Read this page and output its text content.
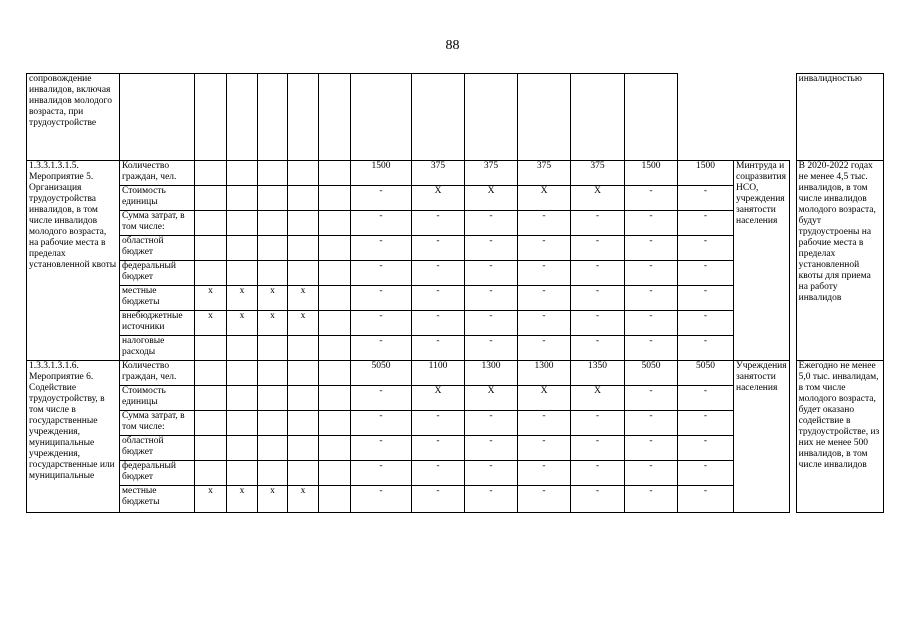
88
сопровождение инвалидов, включая инвалидов молодого возраста, при трудоустройстве																инвалидностью
1.3.3.1.3.1.5. Мероприятие 5. Организация трудоустройства инвалидов, в том числе инвалидов молодого возраста, на рабочие места в пределах установленной квоты	Количество граждан, чел.						1500	375	375	375	375	1500	1500	Минтруда и соцразвития НСО, учреждения занятости населения		В 2020-2022 годах не менее 4,5 тыс. инвалидов, в том числе инвалидов молодого возраста, будут трудоустроены на рабочие места в пределах установленной квоты для приема на работу инвалидов
	Стоимость единицы						-	Х	Х	Х	Х	-	-			
	Сумма затрат, в том числе:						-	-	-	-	-	-	-			
	областной бюджет						-	-	-	-	-	-	-			
	федеральный бюджет						-	-	-	-	-	-	-			
	местные бюджеты	х	х	х	х		-	-	-	-	-	-	-			
	внебюджетные источники	х	х	х	х		-	-	-	-	-	-	-			
	налоговые расходы						-	-	-	-	-	-	-			
1.3.3.1.3.1.6. Мероприятие 6. Содействие трудоустройству, в том числе в государственные учреждения, муниципальные учреждения, государственные или муниципальные	Количество граждан, чел.						5050	1100	1300	1300	1350	5050	5050	Учреждения занятости населения		Ежегодно не менее 5,0 тыс. инвалидам, в том числе молодого возраста, будет оказано содействие в трудоустройстве, из них не менее 500 инвалидов, в том числе инвалидов
	Стоимость единицы						-	Х	Х	Х	Х	-	-			
	Сумма затрат, в том числе:						-	-	-	-	-	-	-			
	областной бюджет						-	-	-	-	-	-	-			
	федеральный бюджет						-	-	-	-	-	-	-			
	местные бюджеты	х	х	х	х		-	-	-	-	-	-	-			
